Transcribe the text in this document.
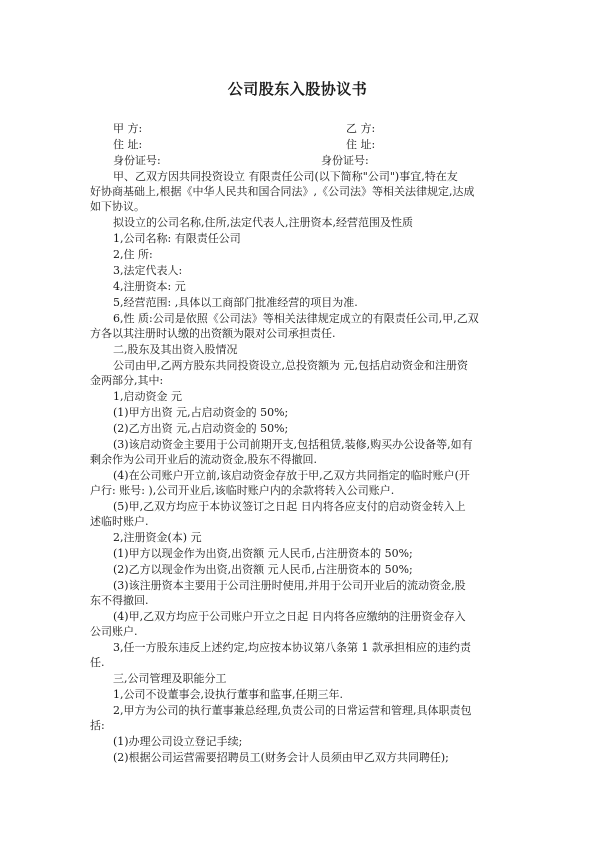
公司股东入股协议书
甲 方:	乙 方:
住 址:	住 址:
身份证号:	身份证号:
甲、乙双方因共同投资设立 有限责任公司(以下简称"公司")事宜,特在友
好协商基础上,根据《中华人民共和国合同法》,《公司法》等相关法律规定,达成
如下协议。
拟设立的公司名称,住所,法定代表人,注册资本,经营范围及性质
1,公司名称: 有限责任公司
2,住 所:
3,法定代表人:
4,注册资本: 元
5,经营范围: ,具体以工商部门批准经营的项目为准.
6,性 质:公司是依照《公司法》等相关法律规定成立的有限责任公司,甲,乙双
方各以其注册时认缴的出资额为限对公司承担责任.
二,股东及其出资入股情况
公司由甲,乙两方股东共同投资设立,总投资额为 元,包括启动资金和注册资
金两部分,其中:
1,启动资金 元
(1)甲方出资 元,占启动资金的 50%;
(2)乙方出资 元,占启动资金的 50%;
(3)该启动资金主要用于公司前期开支,包括租赁,装修,购买办公设备等,如有
剩余作为公司开业后的流动资金,股东不得撤回.
(4)在公司账户开立前,该启动资金存放于甲,乙双方共同指定的临时账户(开
户行: 账号: ),公司开业后,该临时账户内的余款将转入公司账户.
(5)甲,乙双方均应于本协议签订之日起 日内将各应支付的启动资金转入上
述临时账户.
2,注册资金(本) 元
(1)甲方以现金作为出资,出资额 元人民币,占注册资本的 50%;
(2)乙方以现金作为出资,出资额 元人民币,占注册资本的 50%;
(3)该注册资本主要用于公司注册时使用,并用于公司开业后的流动资金,股
东不得撤回.
(4)甲,乙双方均应于公司账户开立之日起 日内将各应缴纳的注册资金存入
公司账户.
3,任一方股东违反上述约定,均应按本协议第八条第 1 款承担相应的违约责
任.
三,公司管理及职能分工
1,公司不设董事会,设执行董事和监事,任期三年.
2,甲方为公司的执行董事兼总经理,负责公司的日常运营和管理,具体职责包
括:
(1)办理公司设立登记手续;
(2)根据公司运营需要招聘员工(财务会计人员须由甲乙双方共同聘任);
